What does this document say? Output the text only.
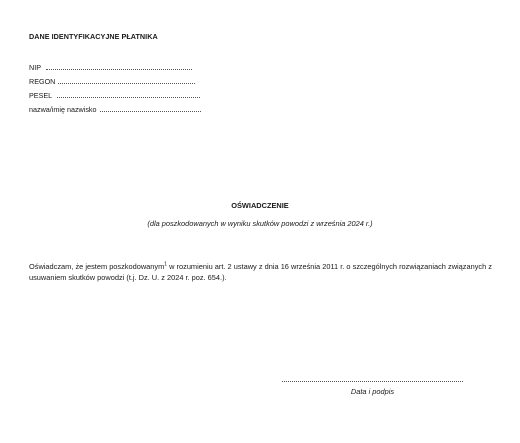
DANE IDENTYFIKACYJNE PŁATNIKA
NIP
REGON
PESEL
nazwa/imię nazwisko
OŚWIADCZENIE
(dla poszkodowanych w wyniku skutków powodzi z września 2024 r.)
Oświadczam, że jestem poszkodowanym$^1$ w rozumieniu art. 2 ustawy z dnia 16 września 2011 r. o szczególnych rozwiązaniach związanych z usuwaniem skutków powodzi (t.j. Dz. U. z 2024 r. poz. 654.).
Data i podpis
